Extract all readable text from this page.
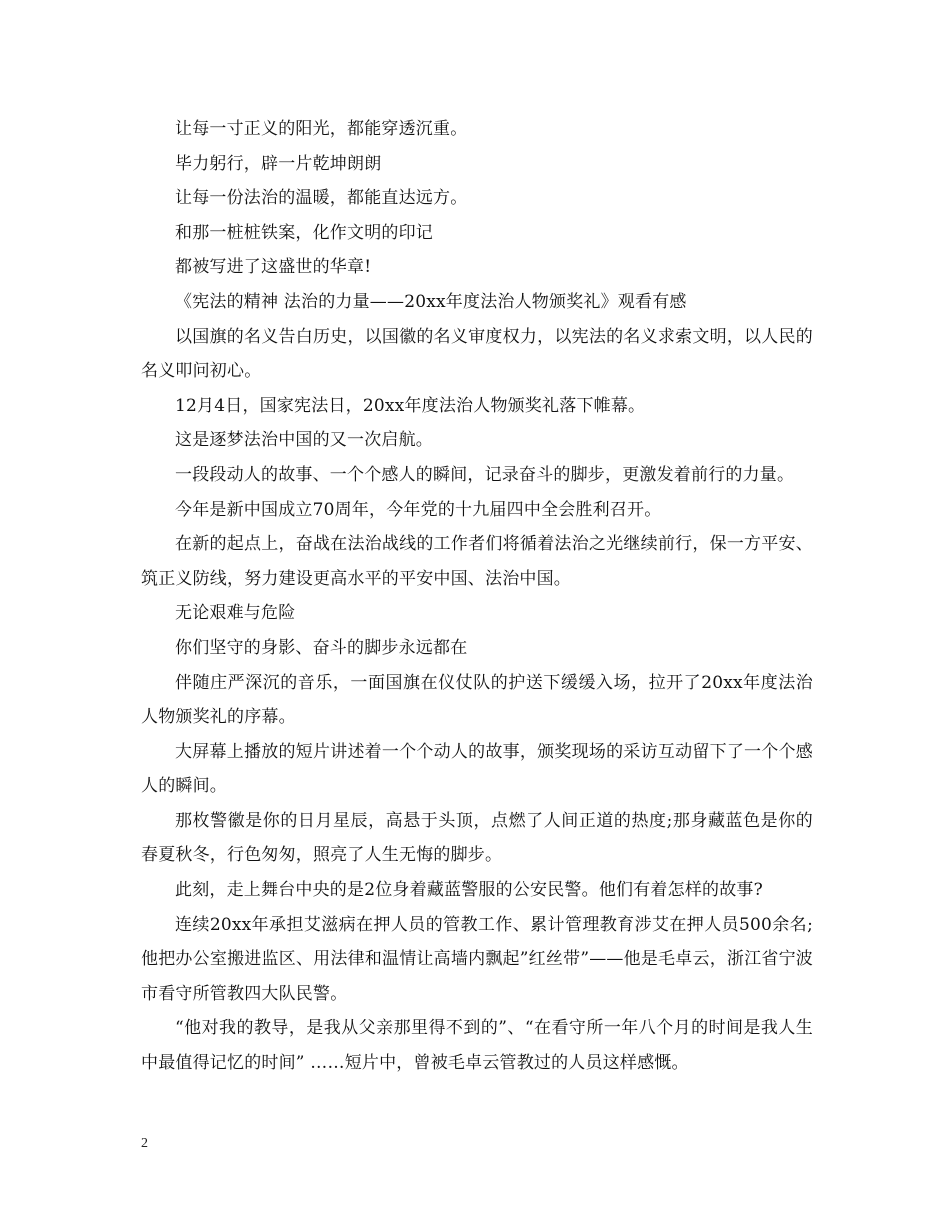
让每一寸正义的阳光，都能穿透沉重。

毕力躬行，辟一片乾坤朗朗

让每一份法治的温暖，都能直达远方。

和那一桩桩铁案，化作文明的印记

都被写进了这盛世的华章!

《宪法的精神 法治的力量——20xx年度法治人物颁奖礼》观看有感

以国旗的名义告白历史，以国徽的名义审度权力，以宪法的名义求索文明，以人民的名义叩问初心。

12月4日，国家宪法日，20xx年度法治人物颁奖礼落下帷幕。

这是逐梦法治中国的又一次启航。

一段段动人的故事、一个个感人的瞬间，记录奋斗的脚步，更激发着前行的力量。

今年是新中国成立70周年，今年党的十九届四中全会胜利召开。

在新的起点上，奋战在法治战线的工作者们将循着法治之光继续前行，保一方平安、筑正义防线，努力建设更高水平的平安中国、法治中国。

无论艰难与危险

你们坚守的身影、奋斗的脚步永远都在

伴随庄严深沉的音乐，一面国旗在仪仗队的护送下缓缓入场，拉开了20xx年度法治人物颁奖礼的序幕。

大屏幕上播放的短片讲述着一个个动人的故事，颁奖现场的采访互动留下了一个个感人的瞬间。

那枚警徽是你的日月星辰，高悬于头顶，点燃了人间正道的热度;那身藏蓝色是你的春夏秋冬，行色匆匆，照亮了人生无悔的脚步。

此刻，走上舞台中央的是2位身着藏蓝警服的公安民警。他们有着怎样的故事?

连续20xx年承担艾滋病在押人员的管教工作、累计管理教育涉艾在押人员500余名;他把办公室搬进监区、用法律和温情让高墙内飘起”红丝带”——他是毛卓云，浙江省宁波市看守所管教四大队民警。

“他对我的教导，是我从父亲那里得不到的”、“在看守所一年八个月的时间是我人生中最值得记忆的时间” ……短片中，曾被毛卓云管教过的人员这样感慨。

2
